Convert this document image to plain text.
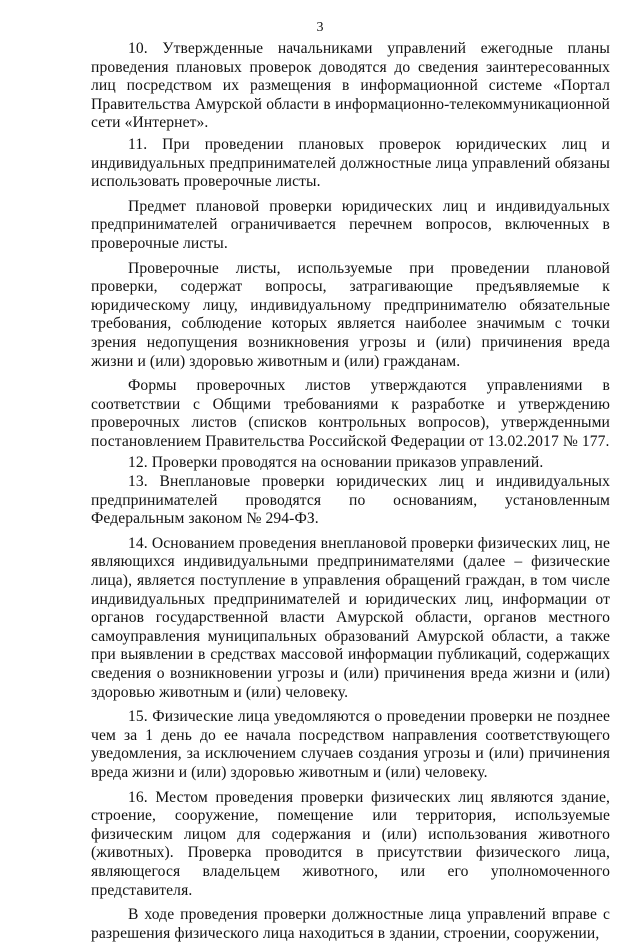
3

10. Утвержденные начальниками управлений ежегодные планы проведения плановых проверок доводятся до сведения заинтересованных лиц посредством их размещения в информационной системе «Портал Правительства Амурской области в информационно-телекоммуникационной сети «Интернет».

11. При проведении плановых проверок юридических лиц и индивидуальных предпринимателей должностные лица управлений обязаны использовать проверочные листы.

Предмет плановой проверки юридических лиц и индивидуальных предпринимателей ограничивается перечнем вопросов, включенных в проверочные листы.

Проверочные листы, используемые при проведении плановой проверки, содержат вопросы, затрагивающие предъявляемые к юридическому лицу, индивидуальному предпринимателю обязательные требования, соблюдение которых является наиболее значимым с точки зрения недопущения возникновения угрозы и (или) причинения вреда жизни и (или) здоровью животным и (или) гражданам.

Формы проверочных листов утверждаются управлениями в соответствии с Общими требованиями к разработке и утверждению проверочных листов (списков контрольных вопросов), утвержденными постановлением Правительства Российской Федерации от 13.02.2017 № 177.

12. Проверки проводятся на основании приказов управлений.

13. Внеплановые проверки юридических лиц и индивидуальных предпринимателей проводятся по основаниям, установленным Федеральным законом № 294-ФЗ.

14. Основанием проведения внеплановой проверки физических лиц, не являющихся индивидуальными предпринимателями (далее – физические лица), является поступление в управления обращений граждан, в том числе индивидуальных предпринимателей и юридических лиц, информации от органов государственной власти Амурской области, органов местного самоуправления муниципальных образований Амурской области, а также при выявлении в средствах массовой информации публикаций, содержащих сведения о возникновении угрозы и (или) причинения вреда жизни и (или) здоровью животным и (или) человеку.

15. Физические лица уведомляются о проведении проверки не позднее чем за 1 день до ее начала посредством направления соответствующего уведомления, за исключением случаев создания угрозы и (или) причинения вреда жизни и (или) здоровью животным и (или) человеку.

16. Местом проведения проверки физических лиц являются здание, строение, сооружение, помещение или территория, используемые физическим лицом для содержания и (или) использования животного (животных). Проверка проводится в присутствии физического лица, являющегося владельцем животного, или его уполномоченного представителя.

В ходе проведения проверки должностные лица управлений вправе с разрешения физического лица находиться в здании, строении, сооружении,
